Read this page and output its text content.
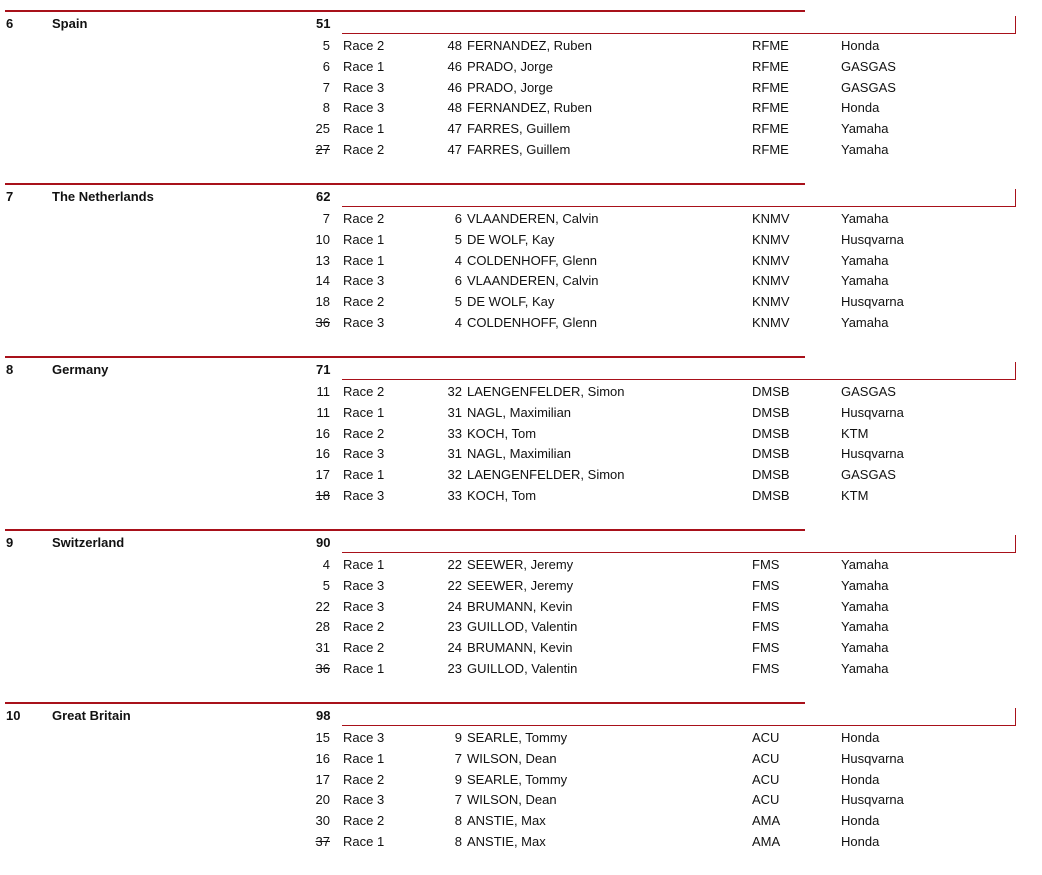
6	Spain	51
5 Race 2	48 FERNANDEZ, Ruben	RFME	Honda
6 Race 1	46 PRADO, Jorge	RFME	GASGAS
7 Race 3	46 PRADO, Jorge	RFME	GASGAS
8 Race 3	48 FERNANDEZ, Ruben	RFME	Honda
25 Race 1	47 FARRES, Guillem	RFME	Yamaha
27 Race 2	47 FARRES, Guillem	RFME	Yamaha
7	The Netherlands	62
7 Race 2	6 VLAANDEREN, Calvin	KNMV	Yamaha
10 Race 1	5 DE WOLF, Kay	KNMV	Husqvarna
13 Race 1	4 COLDENHOFF, Glenn	KNMV	Yamaha
14 Race 3	6 VLAANDEREN, Calvin	KNMV	Yamaha
18 Race 2	5 DE WOLF, Kay	KNMV	Husqvarna
36 Race 3	4 COLDENHOFF, Glenn	KNMV	Yamaha
8	Germany	71
11 Race 2	32 LAENGENFELDER, Simon	DMSB	GASGAS
11 Race 1	31 NAGL, Maximilian	DMSB	Husqvarna
16 Race 2	33 KOCH, Tom	DMSB	KTM
16 Race 3	31 NAGL, Maximilian	DMSB	Husqvarna
17 Race 1	32 LAENGENFELDER, Simon	DMSB	GASGAS
18 Race 3	33 KOCH, Tom	DMSB	KTM
9	Switzerland	90
4 Race 1	22 SEEWER, Jeremy	FMS	Yamaha
5 Race 3	22 SEEWER, Jeremy	FMS	Yamaha
22 Race 3	24 BRUMANN, Kevin	FMS	Yamaha
28 Race 2	23 GUILLOD, Valentin	FMS	Yamaha
31 Race 2	24 BRUMANN, Kevin	FMS	Yamaha
36 Race 1	23 GUILLOD, Valentin	FMS	Yamaha
10 Great Britain	98
15 Race 3	9 SEARLE, Tommy	ACU	Honda
16 Race 1	7 WILSON, Dean	ACU	Husqvarna
17 Race 2	9 SEARLE, Tommy	ACU	Honda
20 Race 3	7 WILSON, Dean	ACU	Husqvarna
30 Race 2	8 ANSTIE, Max	AMA	Honda
37 Race 1	8 ANSTIE, Max	AMA	Honda
